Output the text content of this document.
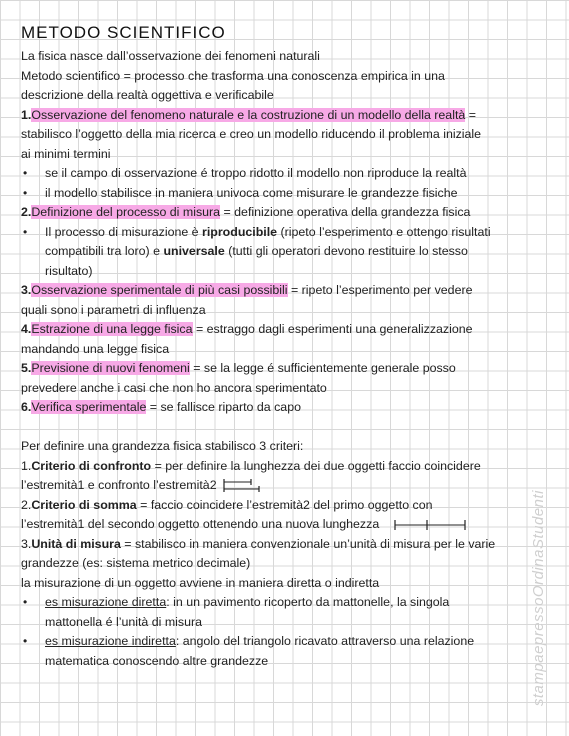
METODO SCIENTIFICO
La fisica nasce dall’osservazione dei fenomeni naturali
Metodo scientifico = processo che trasforma una conoscenza empirica in una
descrizione della realtà oggettiva e verificabile
1.Osservazione del fenomeno naturale e la costruzione di un modello della realtà =
stabilisco l’oggetto della mia ricerca e creo un modello riducendo il problema iniziale
ai minimi termini
• se il campo di osservazione é troppo ridotto il modello non riproduce la realtà
• il modello stabilisce in maniera univoca come misurare le grandezze fisiche
2.Definizione del processo di misura = definizione operativa della grandezza fisica
• Il processo di misurazione è riproducibile (ripeto l’esperimento e ottengo risultati
compatibili tra loro) e universale (tutti gli operatori devono restituire lo stesso
risultato)
3.Osservazione sperimentale di più casi possibili = ripeto l’esperimento per vedere
quali sono i parametri di influenza
4.Estrazione di una legge fisica = estraggo dagli esperimenti una generalizzazione
mandando una legge fisica
5.Previsione di nuovi fenomeni = se la legge é sufficientemente generale posso
prevedere anche i casi che non ho ancora sperimentato
6.Verifica sperimentale = se fallisce riparto da capo
Per definire una grandezza fisica stabilisco 3 criteri:
1.Criterio di confronto = per definire la lunghezza dei due oggetti faccio coincidere
l’estremità1 e confronto l’estremità2
2.Criterio di somma = faccio coincidere l’estremità2 del primo oggetto con
l’estremità1 del secondo oggetto ottenendo una nuova lunghezza
3.Unità di misura = stabilisco in maniera convenzionale un’unità di misura per le varie
grandezze (es: sistema metrico decimale)
la misurazione di un oggetto avviene in maniera diretta o indiretta
• es misurazione diretta: in un pavimento ricoperto da mattonelle, la singola
mattonella é l’unità di misura
• es misurazione indiretta: angolo del triangolo ricavato attraverso una relazione
matematica conoscendo altre grandezze	stampaepressoOrdinaStudenti
